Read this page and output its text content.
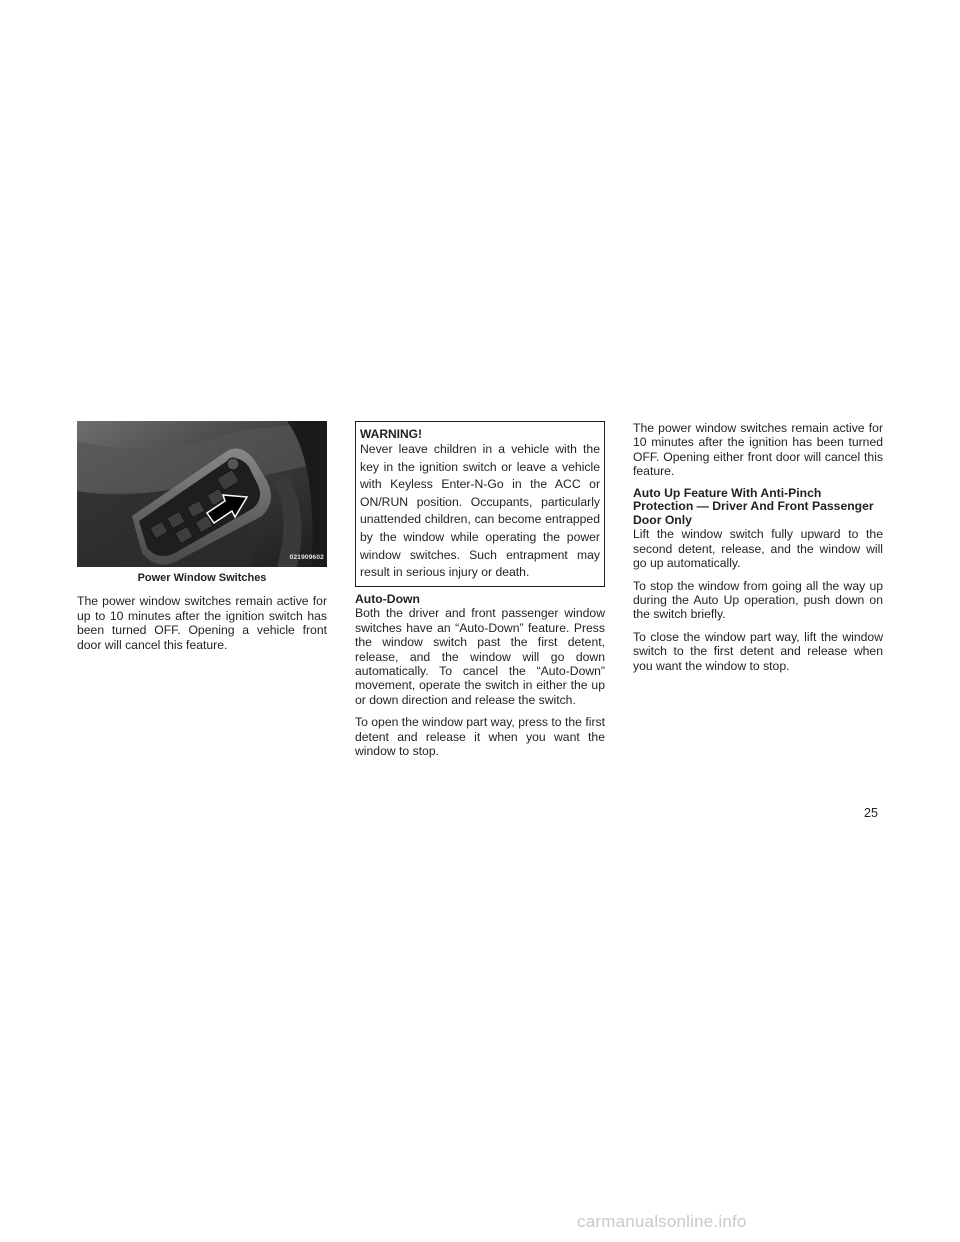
021909602
Power Window Switches

The power window switches remain active for up to 10 minutes after the ignition switch has been turned OFF. Opening a vehicle front door will cancel this feature.

WARNING!

Never leave children in a vehicle with the key in the ignition switch or leave a vehicle with Keyless Enter-N-Go in the ACC or ON/RUN position. Occupants, particularly unattended children, can become entrapped by the window while operating the power window switches. Such entrapment may result in serious injury or death.

Auto-Down

Both the driver and front passenger window switches have an “Auto-Down” feature. Press the window switch past the first detent, release, and the window will go down automatically. To cancel the “Auto-Down” movement, operate the switch in either the up or down direction and release the switch.

To open the window part way, press to the first detent and release it when you want the window to stop.

The power window switches remain active for 10 minutes after the ignition has been turned OFF. Opening either front door will cancel this feature.

Auto Up Feature With Anti-Pinch Protection — Driver And Front Passenger Door Only

Lift the window switch fully upward to the second detent, release, and the window will go up automatically.

To stop the window from going all the way up during the Auto Up operation, push down on the switch briefly.

To close the window part way, lift the window switch to the first detent and release when you want the window to stop.

25
carmanualsonline.info
